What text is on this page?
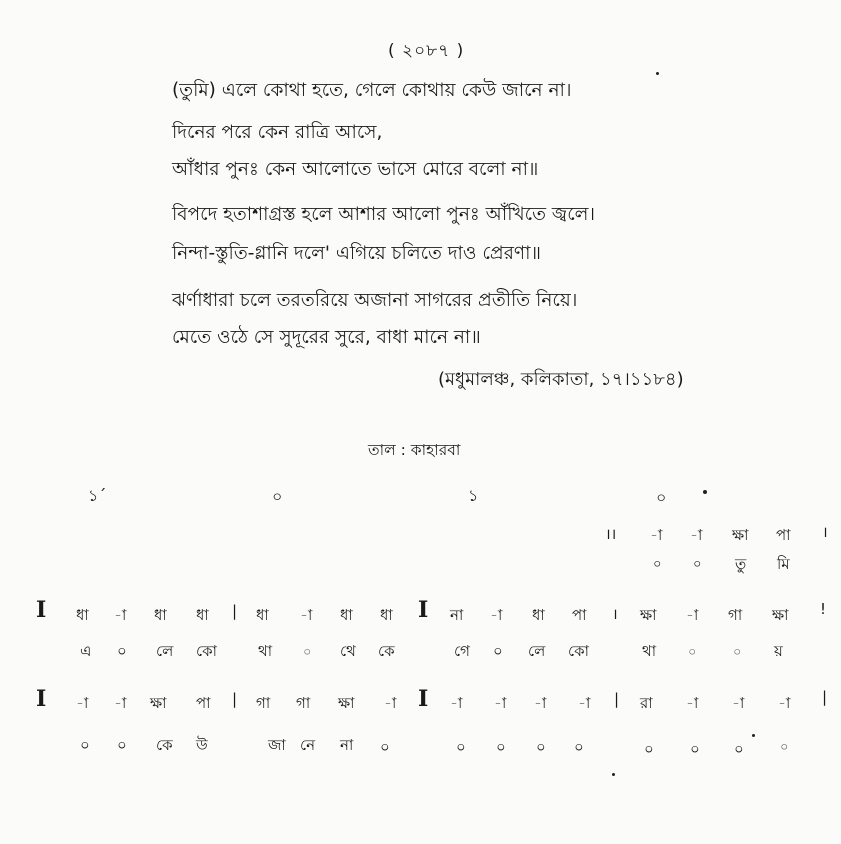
( ২০৮৭ )
(তুমি) এলে কোথা হতে, গেলে কোথায় কেউ জানে না।
দিনের পরে কেন রাত্রি আসে,
আঁধার পুনঃ কেন আলোতে ভাসে মোরে বলো না॥
বিপদে হতাশাগ্রস্ত হলে আশার আলো পুনঃ আঁখিতে জ্বলে।
নিন্দা-স্তুতি-গ্লানি দলে' এগিয়ে চলিতে দাও প্রেরণা॥
ঝর্ণাধারা চলে তরতরিয়ে অজানা সাগরের প্রতীতি নিয়ে।
মেতে ওঠে সে সুদূরের সুরে, বাধা মানে না॥
(মধুমালঞ্চ, কলিকাতা, ১৭।১১৮৪)
তাল : কাহারবা
১´	০	১	০
।। -া -া ক্ষা পা ।
০ ০ তু মি
I ধা -া ধা ধা | ধা -া ধা ধা I না -া ধা পা । ক্ষা -া গা ক্ষা !
এ ০ লে কো	থা ০ থে কে	গে ০ লে কো	থা ০	০ য়
I -া -া ক্ষা পা | গা গা ক্ষা -া I -া -া -া -া | রা -া -া -া |
০ ০ কে উ	জা নে না ০	০ ০ ০ ০	০ ০ ০	০
